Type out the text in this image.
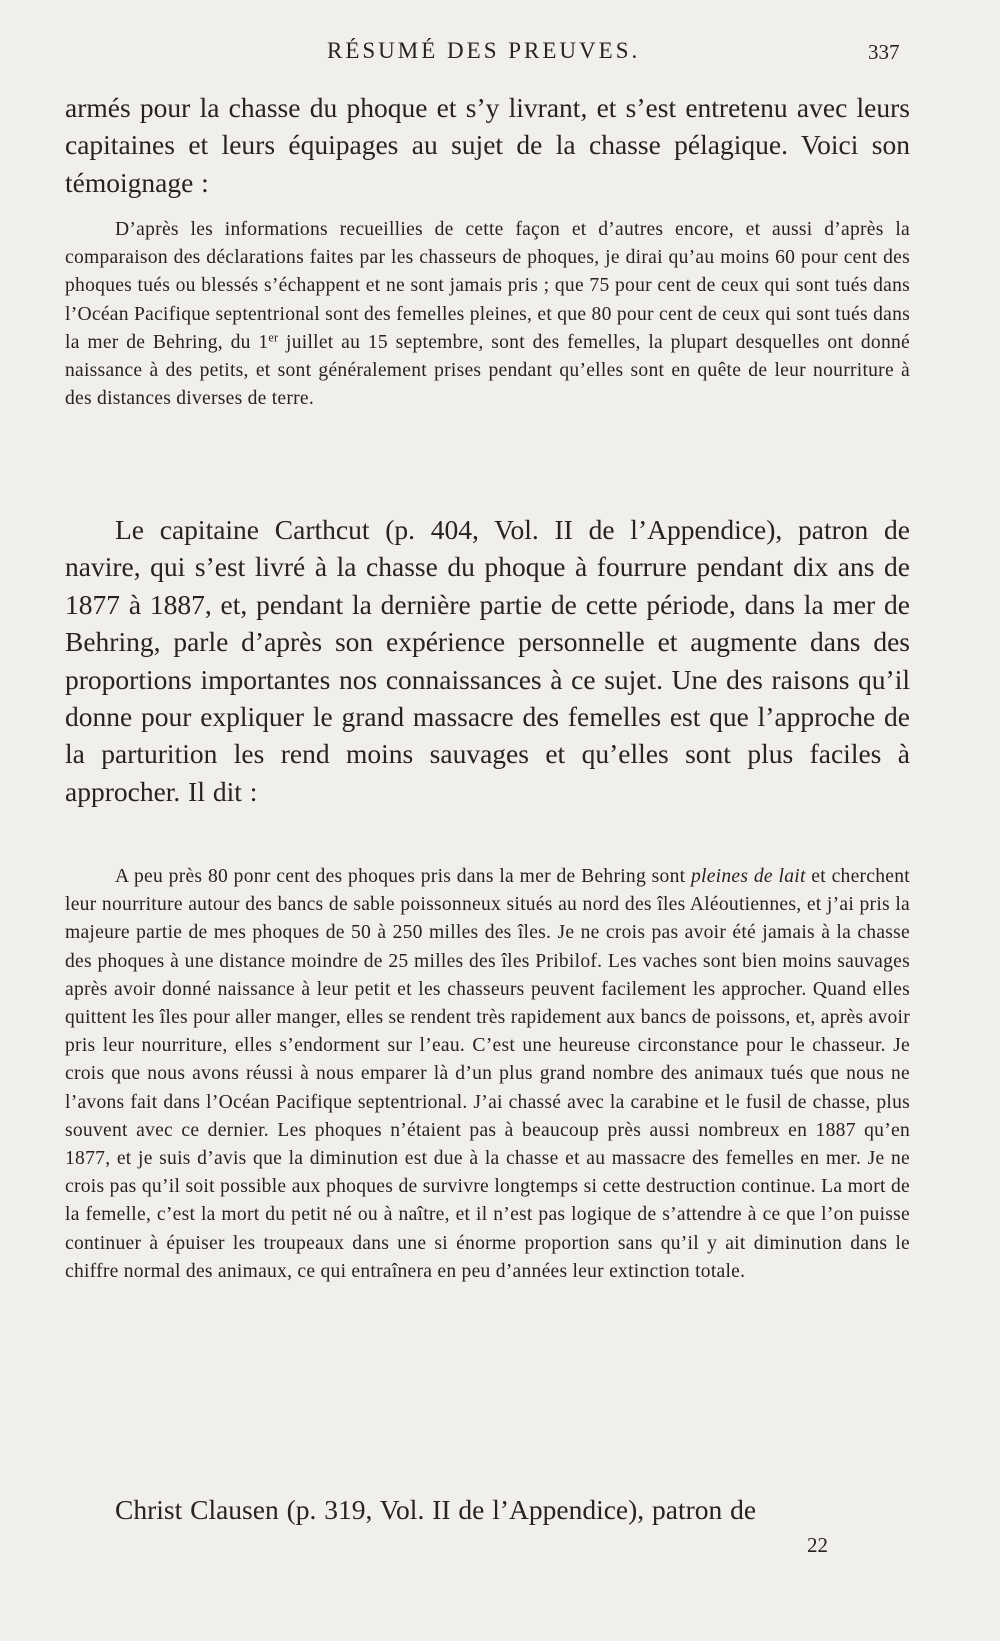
RÉSUMÉ DES PREUVES.	337

armés pour la chasse du phoque et s’y livrant, et s’est entretenu avec leurs capitaines et leurs équipages au sujet de la chasse pélagique. Voici son témoignage :

D’après les informations recueillies de cette façon et d’autres encore, et aussi d’après la comparaison des déclarations faites par les chasseurs de phoques, je dirai qu’au moins 60 pour cent des phoques tués ou blessés s’échappent et ne sont jamais pris ; que 75 pour cent de ceux qui sont tués dans l’Océan Pacifique septentrional sont des femelles pleines, et que 80 pour cent de ceux qui sont tués dans la mer de Behring, du 1er juillet au 15 septembre, sont des femelles, la plupart desquelles ont donné naissance à des petits, et sont généralement prises pendant qu’elles sont en quête de leur nourriture à des distances diverses de terre.

Le capitaine Carthcut (p. 404, Vol. II de l’Appendice), patron de navire, qui s’est livré à la chasse du phoque à fourrure pendant dix ans de 1877 à 1887, et, pendant la dernière partie de cette période, dans la mer de Behring, parle d’après son expérience personnelle et augmente dans des proportions importantes nos connaissances à ce sujet. Une des raisons qu’il donne pour expliquer le grand massacre des femelles est que l’approche de la parturition les rend moins sauvages et qu’elles sont plus faciles à approcher. Il dit :

A peu près 80 ponr cent des phoques pris dans la mer de Behring sont pleines de lait et cherchent leur nourriture autour des bancs de sable poissonneux situés au nord des îles Aléoutiennes, et j’ai pris la majeure partie de mes phoques de 50 à 250 milles des îles. Je ne crois pas avoir été jamais à la chasse des phoques à une distance moindre de 25 milles des îles Pribilof. Les vaches sont bien moins sauvages après avoir donné naissance à leur petit et les chasseurs peuvent facilement les approcher. Quand elles quittent les îles pour aller manger, elles se rendent très rapidement aux bancs de poissons, et, après avoir pris leur nourriture, elles s’endorment sur l’eau. C’est une heureuse circonstance pour le chasseur. Je crois que nous avons réussi à nous emparer là d’un plus grand nombre des animaux tués que nous ne l’avons fait dans l’Océan Pacifique septentrional. J’ai chassé avec la carabine et le fusil de chasse, plus souvent avec ce dernier. Les phoques n’étaient pas à beaucoup près aussi nombreux en 1887 qu’en 1877, et je suis d’avis que la diminution est due à la chasse et au massacre des femelles en mer. Je ne crois pas qu’il soit possible aux phoques de survivre longtemps si cette destruction continue. La mort de la femelle, c’est la mort du petit né ou à naître, et il n’est pas logique de s’attendre à ce que l’on puisse continuer à épuiser les troupeaux dans une si énorme proportion sans qu’il y ait diminution dans le chiffre normal des animaux, ce qui entraînera en peu d’années leur extinction totale.

Christ Clausen (p. 319, Vol. II de l’Appendice), patron de

22
